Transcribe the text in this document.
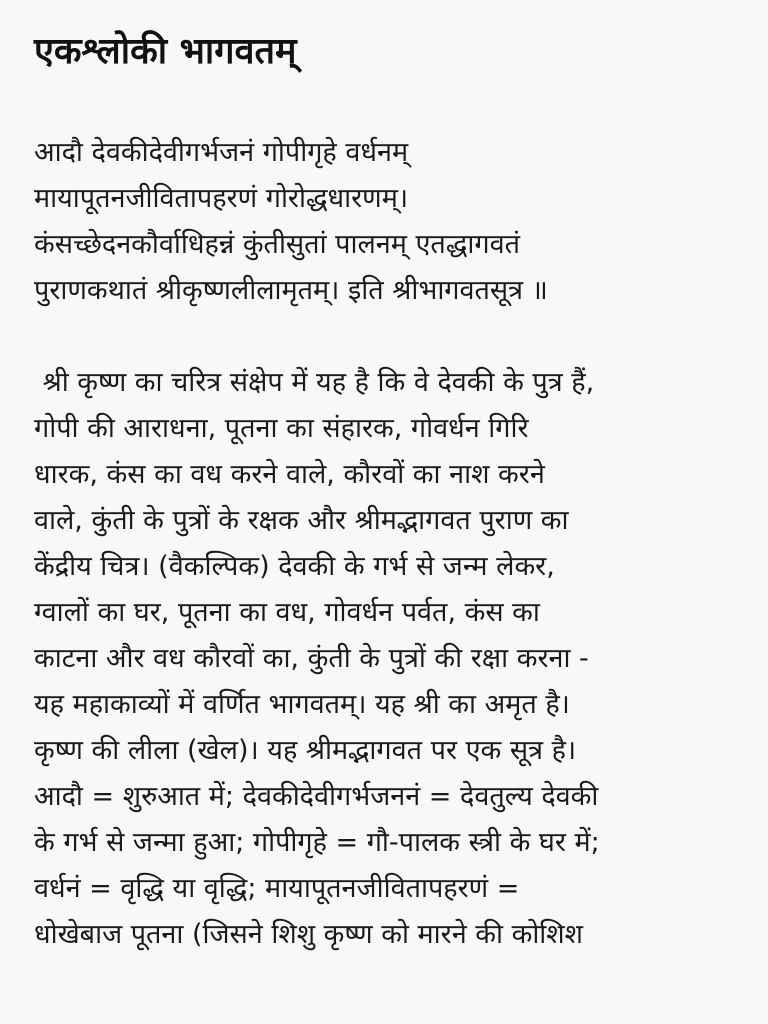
एकश्लोकी भागवतम्
आदौ देवकीदेवीगर्भजनं गोपीगृहे वर्धनम्
मायापूतनजीवितापहरणं गोरोद्धधारणम्।
कंसच्छेदनकौर्वाधिहन्नं कुंतीसुतां पालनम् एतद्धागवतं
पुराणकथातं श्रीकृष्णलीलामृतम्। इति श्रीभागवतसूत्र ॥
श्री कृष्ण का चरित्र संक्षेप में यह है कि वे देवकी के पुत्र हैं,
गोपी की आराधना, पूतना का संहारक, गोवर्धन गिरि
धारक, कंस का वध करने वाले, कौरवों का नाश करने
वाले, कुंती के पुत्रों के रक्षक और श्रीमद्भागवत पुराण का
केंद्रीय चित्र। (वैकल्पिक) देवकी के गर्भ से जन्म लेकर,
ग्वालों का घर, पूतना का वध, गोवर्धन पर्वत, कंस का
काटना और वध कौरवों का, कुंती के पुत्रों की रक्षा करना -
यह महाकाव्यों में वर्णित भागवतम्। यह श्री का अमृत है।
कृष्ण की लीला (खेल)। यह श्रीमद्भागवत पर एक सूत्र है।
आदौ = शुरुआत में; देवकीदेवीगर्भजननं = देवतुल्य देवकी
के गर्भ से जन्मा हुआ; गोपीगृहे = गौ-पालक स्त्री के घर में;
वर्धनं = वृद्धि या वृद्धि; मायापूतनजीवितापहरणं =
धोखेबाज पूतना (जिसने शिशु कृष्ण को मारने की कोशिश
